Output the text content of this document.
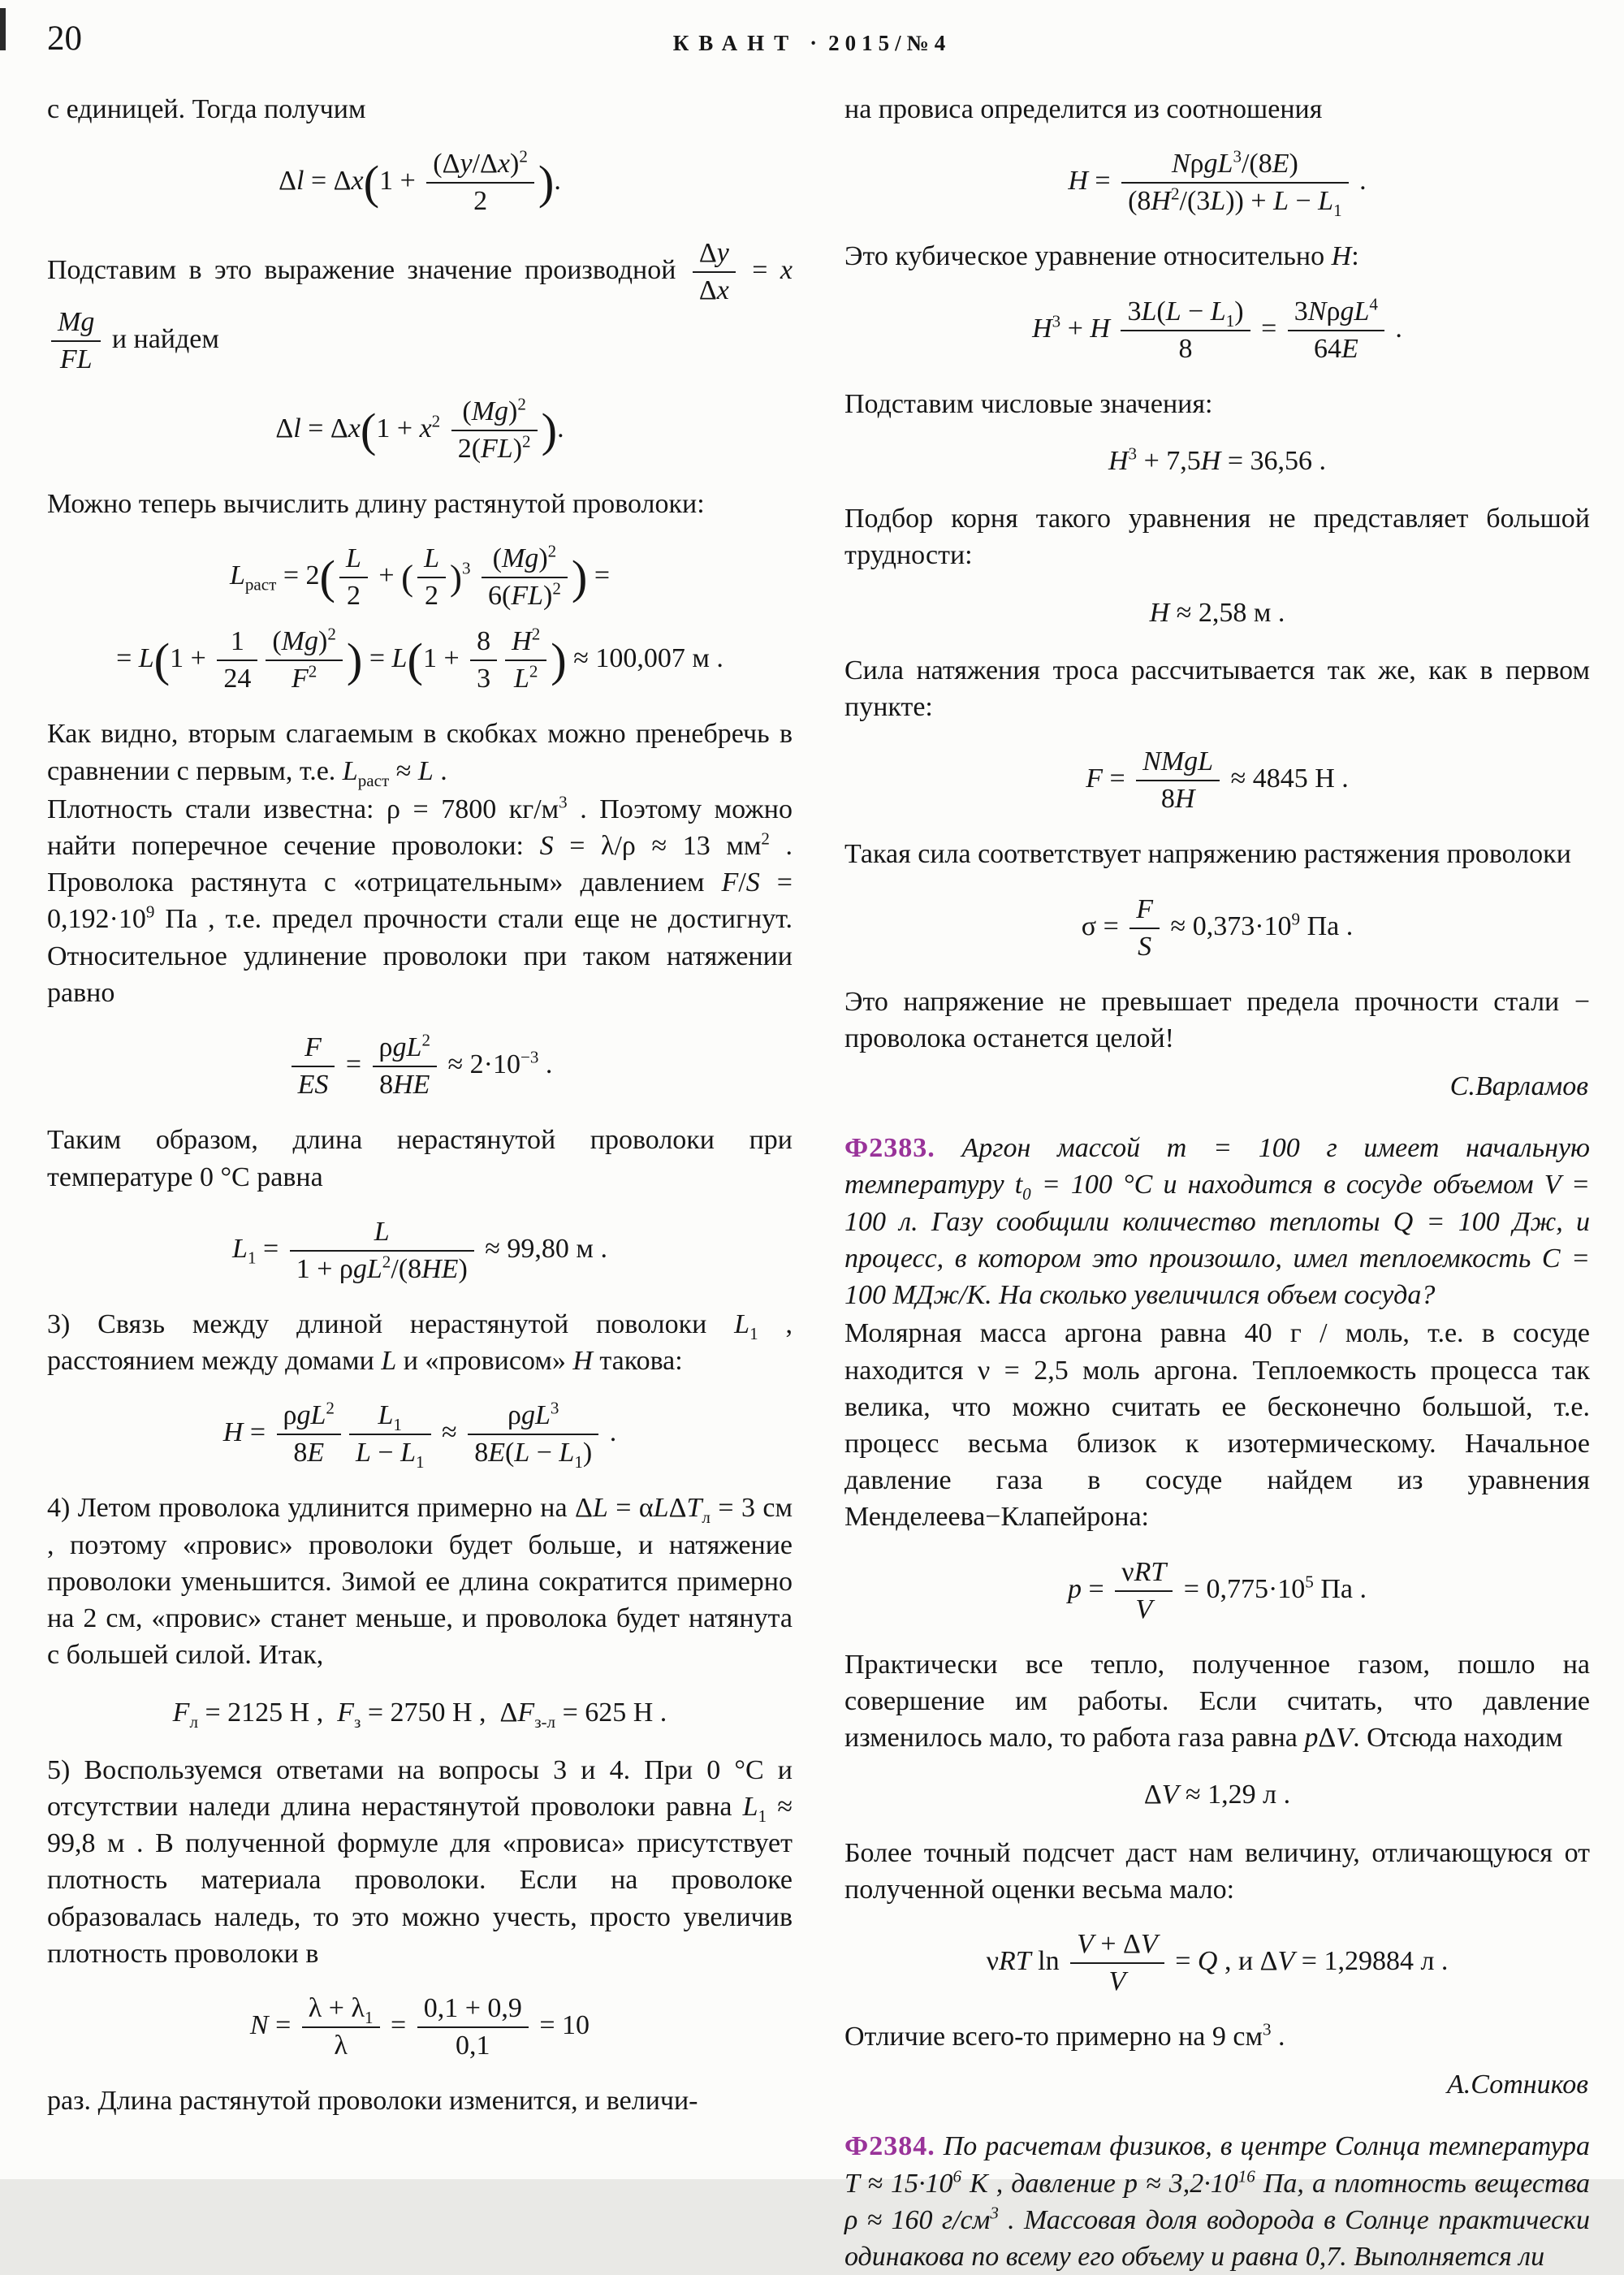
20	КВАНТ · 2015/№4

с единицей. Тогда получим

$\Delta l = \Delta x(1 + \frac{(\Delta y/\Delta x)^2}{2}$ ).

Подставим в это выражение значение производной $\frac{\Delta y}{\Delta x} = x$
$\frac{Mg}{FL}$ и найдем

$\Delta l = \Delta x(1 + x^2 \frac{(Mg)^2}{2(FL)^2}$ ).

Можно теперь вычислить длину растянутой проволоки:

$L_{раст} = 2( \frac{L}{2}$ + ( $\frac{L}{2} )^3 \frac{(Mg)^2}{6(FL)^2}$ ) =
= $L(1 + \frac{1}{24} \frac{(Mg)^2}{F^2}$ ) = $L(1 + \frac{8}{3} \frac{H^2}{L^2}$ ) ≈ 100,007 м .

Как видно, вторым слагаемым в скобках можно пренебречь в сравнении с первым, т.е. $L_{раст} \approx L$ .

Плотность стали известна: ρ = 7800 $кг/м^3$ . Поэтому можно найти поперечное сечение проволоки: S = λ/ρ ≈ 13 $мм^2$ . Проволока растянута с «отрицательным» давлением $F/S = 0,192\cdot 10^9$ Па , т.е. предел прочности стали еще не достигнут. Относительное удлинение проволоки при таком натяжении равно

$\frac{F}{ES} = \frac{\rho gL^2}{8HE} \approx 2\cdot 10^{-3}$ .

Таким образом, длина нерастянутой проволоки при температуре 0 °C равна

$L_1 = \frac{L}{1 + \rho gL^2/(8HE)} \approx 99,80$ м .

3) Связь между длиной нерастянутой поволоки $L_1$ , расстоянием между домами L и «провисом» H такова:

$H = \frac{\rho gL^2}{8E} \frac{L_1}{L - L_1} \approx \frac{\rho gL^3}{8E(L - L_1)}$ .

4) Летом проволока удлинится примерно на ΔL = αLΔT$_л$ = 3 см , поэтому «провис» проволоки будет больше, и натяжение проволоки уменьшится. Зимой ее длина сократится примерно на 2 см, «провис» станет меньше, и проволока будет натянута с большей силой. Итак,

$F_л = 2125$ Н ,  $F_з = 2750$ Н ,  $\Delta F_{з-л} = 625$ Н .

5) Воспользуемся ответами на вопросы 3 и 4. При 0 °C и отсутствии наледи длина нерастянутой проволоки равна $L_1 \approx 99,8$ м . В полученной формуле для «провиса» присутствует плотность материала проволоки. Если на проволоке образовалась наледь, то это можно учесть, просто увеличив плотность проволоки в

$N = \frac{\lambda + \lambda_1}{\lambda} = \frac{0,1 + 0,9}{0,1} = 10$

раз. Длина растянутой проволоки изменится, и величи-

на провиса определится из соотношения

$H = \frac{N\rho gL^3/(8E)}{(8H^2/(3L)) + L - L_1}$ .

Это кубическое уравнение относительно H:

$H^3 + H \frac{3L(L - L_1)}{8} = \frac{3N\rho gL^4}{64E}$ .

Подставим числовые значения:

$H^3 + 7,5H = 36,56$ .

Подбор корня такого уравнения не представляет большой трудности:

H ≈ 2,58 м .

Сила натяжения троса рассчитывается так же, как в первом пункте:

$F = \frac{\text{NMgL}}{8H} \approx 4845$ Н .

Такая сила соответствует напряжению растяжения проволоки

$\sigma = \frac{F}{S} \approx 0,373\cdot 10^9$ Па .

Это напряжение не превышает предела прочности стали − проволока останется целой!

С.Варламов

Ф2383. Аргон массой m = 100 г имеет начальную температуру $t_0 = 100$ °C и находится в сосуде объемом V = 100 л. Газу сообщили количество теплоты Q = 100 Дж, и процесс, в котором это произошло, имел теплоемкость C = 100 МДж/К. На сколько увеличился объем сосуда?

Молярная масса аргона равна 40 г / моль, т.е. в сосуде находится ν = 2,5 моль аргона. Теплоемкость процесса так велика, что можно считать ее бесконечно большой, т.е. процесс весьма близок к изотермическому. Начальное давление газа в сосуде найдем из уравнения Менделеева−Клапейрона:

$p = \frac{\text{νRT}}{V} = 0,775\cdot 10^5$ Па .

Практически все тепло, полученное газом, пошло на совершение им работы. Если считать, что давление изменилось мало, то работа газа равна pΔV. Отсюда находим

ΔV ≈ 1,29 л .

Более точный подсчет даст нам величину, отличающуюся от полученной оценки весьма мало:

νRT $\ln \frac{V + \Delta V}{V} = Q$ , и ΔV = 1,29884 л .

Отличие всего-то примерно на 9 $см^3$ .

А.Сотников

Ф2384. По расчетам физиков, в центре Солнца температура $T \approx 15\cdot 10^6$ К , давление $p \approx 3,2\cdot 10^{16}$ Па, а плотность вещества ρ ≈ 160 $г/см^3$ . Массовая доля водорода в Солнце практически одинакова по всему его объему и равна 0,7. Выполняется ли
